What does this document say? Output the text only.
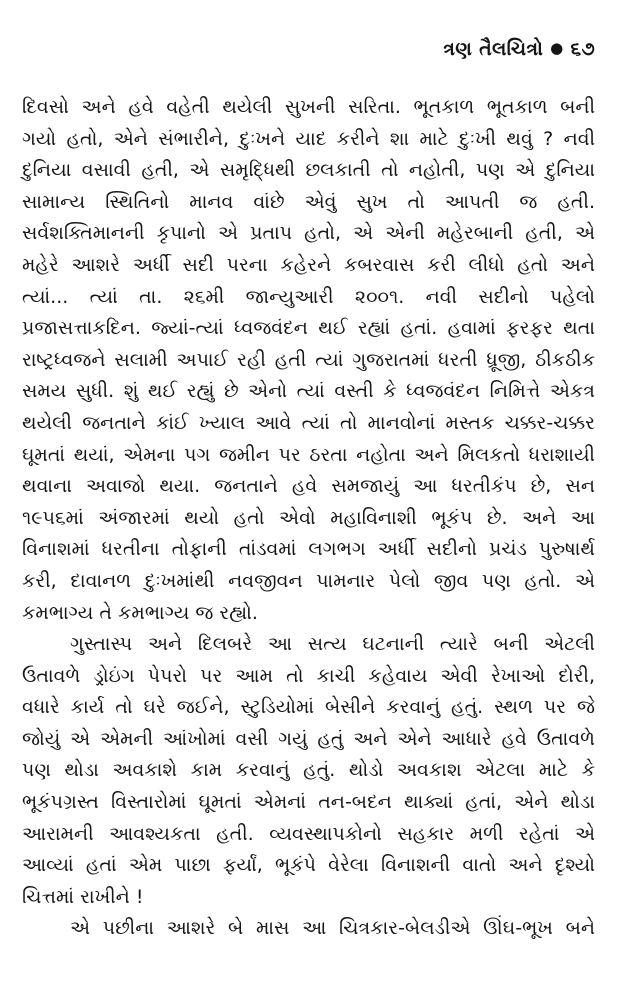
ત્રણ તૈલચિત્રો ● ૬૭

દિવસો અને હવે વહેતી થયેલી સુખની સરિતા. ભૂતકાળ ભૂતકાળ બની
ગયો હતો, એને સંભારીને, દુઃખને યાદ કરીને શા માટે દુઃખી થવું ? નવી
દુનિયા વસાવી હતી, એ સમૃદ્ધિથી છલકાતી તો નહોતી, પણ એ દુનિયા
સામાન્ય સ્થિતિનો માનવ વાંછે એવું સુખ તો આપતી જ હતી.
સર્વશક્તિમાનની કૃપાનો એ પ્રતાપ હતો, એ એની મહેરબાની હતી, એ
મહેરે આશરે અર્ધી સદી પરના કહેરને કબરવાસ કરી લીધો હતો અને
ત્યાં... ત્યાં તા. ૨૬મી જાન્યુઆરી ૨૦૦૧. નવી સદીનો પહેલો
પ્રજાસત્તાકદિન. જ્યાં-ત્યાં ધ્વજવંદન થઈ રહ્યાં હતાં. હવામાં ફરફર થતા
રાષ્ટ્રધ્વજને સલામી અપાઈ રહી હતી ત્યાં ગુજરાતમાં ધરતી ધ્રૂજી, ઠીકઠીક
સમય સુધી. શું થઈ રહ્યું છે એનો ત્યાં વસ્તી કે ધ્વજવંદન નિમિત્તે એકત્ર
થયેલી જનતાને કાંઈ ખ્યાલ આવે ત્યાં તો માનવોનાં મસ્તક ચક્કર-ચક્કર
ઘૂમતાં થયાં, એમના પગ જમીન પર ઠરતા નહોતા અને મિલકતો ધરાશાયી
થવાના અવાજો થયા. જનતાને હવે સમજાયું આ ધરતીકંપ છે, સન
૧૯૫૬માં અંજારમાં થયો હતો એવો મહાવિનાશી ભૂકંપ છે. અને આ
વિનાશમાં ધરતીના તોફાની તાંડવમાં લગભગ અર્ધી સદીનો પ્રચંડ પુરુષાર્થ
કરી, દાવાનળ દુઃખમાંથી નવજીવન પામનાર પેલો જીવ પણ હતો. એ
કમભાગ્ય તે કમભાગ્ય જ રહ્યો.

ગુસ્તાસ્પ અને દિલબરે આ સત્ય ઘટનાની ત્યારે બની એટલી
ઉતાવળે ડ્રોઇંગ પેપરો પર આમ તો કાચી કહેવાય એવી રેખાઓ દોરી,
વધારે કાર્ય તો ઘરે જઈને, સ્ટુડિયોમાં બેસીને કરવાનું હતું. સ્થળ પર જે
જોયું એ એમની આંખોમાં વસી ગયું હતું અને એને આધારે હવે ઉતાવળે
પણ થોડા અવકાશે કામ કરવાનું હતું. થોડો અવકાશ એટલા માટે કે
ભૂકંપગ્રસ્ત વિસ્તારોમાં ઘૂમતાં એમનાં તન-બદન થાક્યાં હતાં, એને થોડા
આરામની આવશ્યકતા હતી. વ્યવસ્થાપકોનો સહકાર મળી રહેતાં એ
આવ્યાં હતાં એમ પાછા ફર્યાં, ભૂકંપે વેરેલા વિનાશની વાતો અને દૃશ્યો
ચિત્તમાં રાખીને !

એ પછીના આશરે બે માસ આ ચિત્રકાર-બેલડીએ ઊંઘ-ભૂખ બને
